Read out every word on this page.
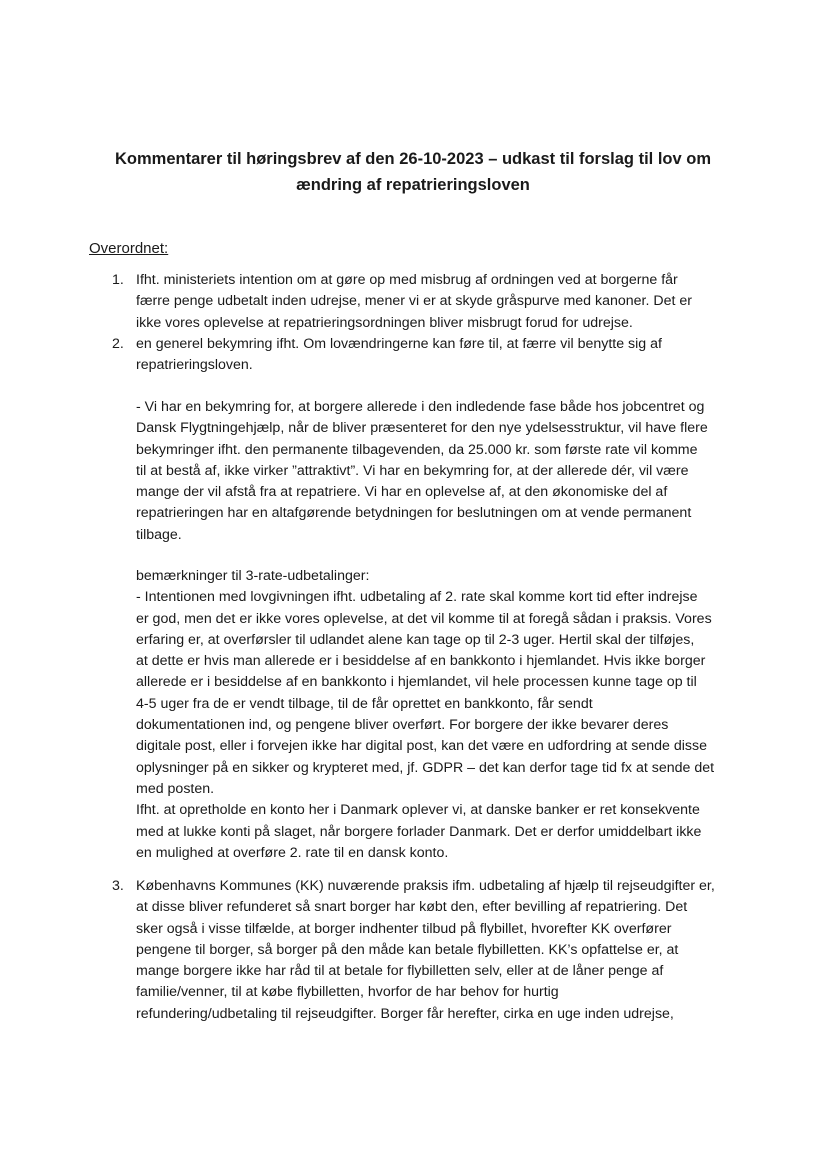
Kommentarer til høringsbrev af den 26-10-2023 – udkast til forslag til lov om
ændring af repatrieringsloven
Overordnet:
1. Ifht. ministeriets intention om at gøre op med misbrug af ordningen ved at borgerne får
færre penge udbetalt inden udrejse, mener vi er at skyde gråspurve med kanoner. Det er
ikke vores oplevelse at repatrieringsordningen bliver misbrugt forud for udrejse.
2. en generel bekymring ifht. Om lovændringerne kan føre til, at færre vil benytte sig af
repatrieringsloven.
- Vi har en bekymring for, at borgere allerede i den indledende fase både hos jobcentret og
Dansk Flygtningehjælp, når de bliver præsenteret for den nye ydelsesstruktur, vil have flere
bekymringer ifht. den permanente tilbagevenden, da 25.000 kr. som første rate vil komme
til at bestå af, ikke virker ”attraktivt”. Vi har en bekymring for, at der allerede dér, vil være
mange der vil afstå fra at repatriere. Vi har en oplevelse af, at den økonomiske del af
repatrieringen har en altafgørende betydningen for beslutningen om at vende permanent
tilbage.
bemærkninger til 3-rate-udbetalinger:
- Intentionen med lovgivningen ifht. udbetaling af 2. rate skal komme kort tid efter indrejse
er god, men det er ikke vores oplevelse, at det vil komme til at foregå sådan i praksis. Vores
erfaring er, at overførsler til udlandet alene kan tage op til 2-3 uger. Hertil skal der tilføjes,
at dette er hvis man allerede er i besiddelse af en bankkonto i hjemlandet. Hvis ikke borger
allerede er i besiddelse af en bankkonto i hjemlandet, vil hele processen kunne tage op til
4-5 uger fra de er vendt tilbage, til de får oprettet en bankkonto, får sendt
dokumentationen ind, og pengene bliver overført. For borgere der ikke bevarer deres
digitale post, eller i forvejen ikke har digital post, kan det være en udfordring at sende disse
oplysninger på en sikker og krypteret med, jf. GDPR – det kan derfor tage tid fx at sende det
med posten.
Ifht. at opretholde en konto her i Danmark oplever vi, at danske banker er ret konsekvente
med at lukke konti på slaget, når borgere forlader Danmark. Det er derfor umiddelbart ikke
en mulighed at overføre 2. rate til en dansk konto.
3. Københavns Kommunes (KK) nuværende praksis ifm. udbetaling af hjælp til rejseudgifter er,
at disse bliver refunderet så snart borger har købt den, efter bevilling af repatriering. Det
sker også i visse tilfælde, at borger indhenter tilbud på flybillet, hvorefter KK overfører
pengene til borger, så borger på den måde kan betale flybilletten. KK’s opfattelse er, at
mange borgere ikke har råd til at betale for flybilletten selv, eller at de låner penge af
familie/venner, til at købe flybilletten, hvorfor de har behov for hurtig
refundering/udbetaling til rejseudgifter. Borger får herefter, cirka en uge inden udrejse,
